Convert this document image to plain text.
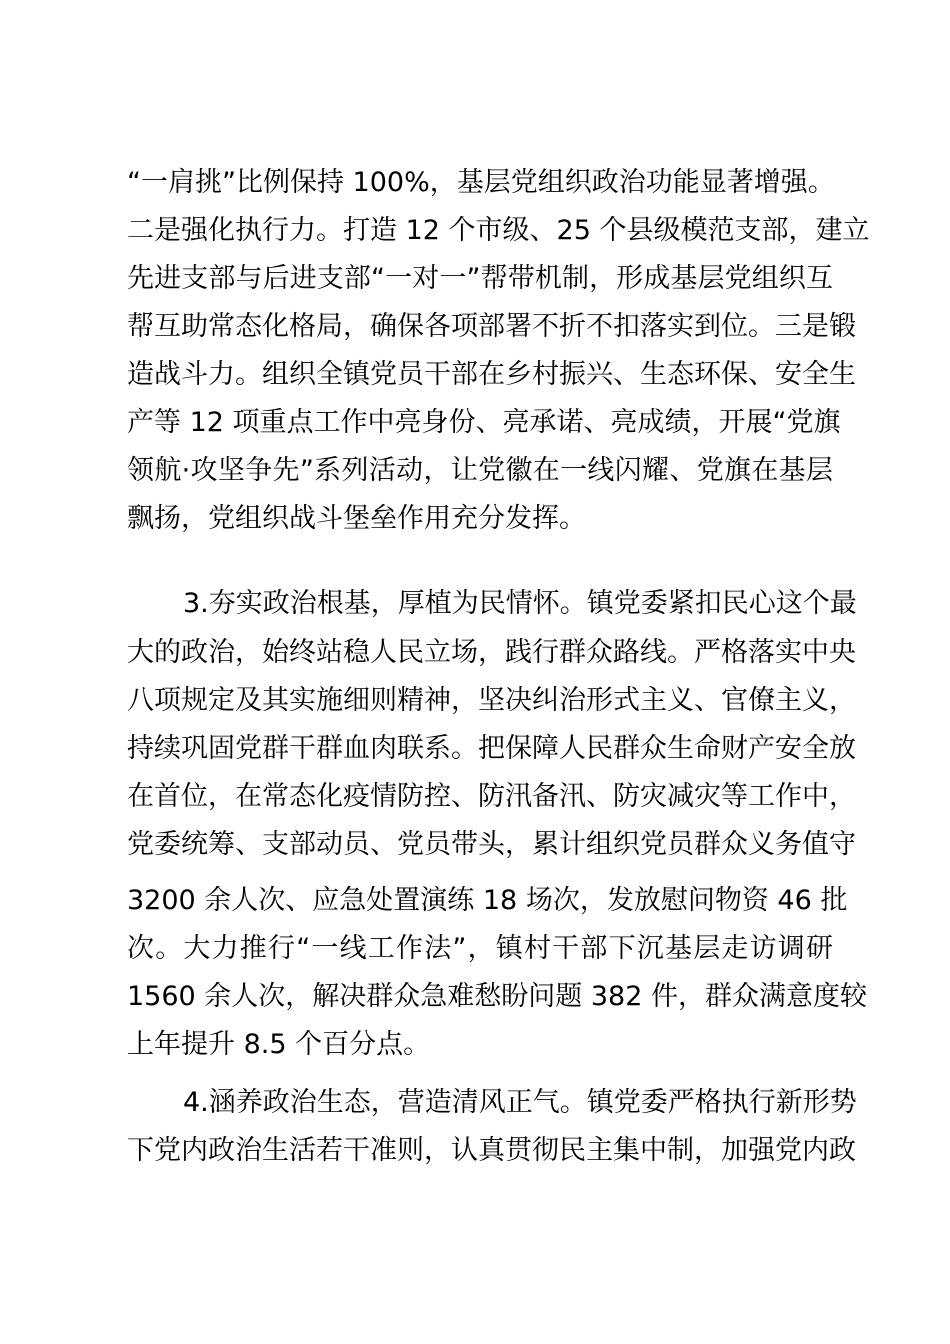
“一肩挑”比例保持 100%，基层党组织政治功能显著增强。
二是强化执行力。打造 12 个市级、25 个县级模范支部，建立
先进支部与后进支部“一对一”帮带机制，形成基层党组织互
帮互助常态化格局，确保各项部署不折不扣落实到位。三是锻
造战斗力。组织全镇党员干部在乡村振兴、生态环保、安全生
产等 12 项重点工作中亮身份、亮承诺、亮成绩，开展“党旗
领航·攻坚争先”系列活动，让党徽在一线闪耀、党旗在基层
飘扬，党组织战斗堡垒作用充分发挥。
3.夯实政治根基，厚植为民情怀。镇党委紧扣民心这个最
大的政治，始终站稳人民立场，践行群众路线。严格落实中央
八项规定及其实施细则精神，坚决纠治形式主义、官僚主义，
持续巩固党群干群血肉联系。把保障人民群众生命财产安全放
在首位，在常态化疫情防控、防汛备汛、防灾减灾等工作中，
党委统筹、支部动员、党员带头，累计组织党员群众义务值守
3200 余人次、应急处置演练 18 场次，发放慰问物资 46 批
次。大力推行“一线工作法”，镇村干部下沉基层走访调研
1560 余人次，解决群众急难愁盼问题 382 件，群众满意度较
上年提升 8.5 个百分点。
4.涵养政治生态，营造清风正气。镇党委严格执行新形势
下党内政治生活若干准则，认真贯彻民主集中制，加强党内政
